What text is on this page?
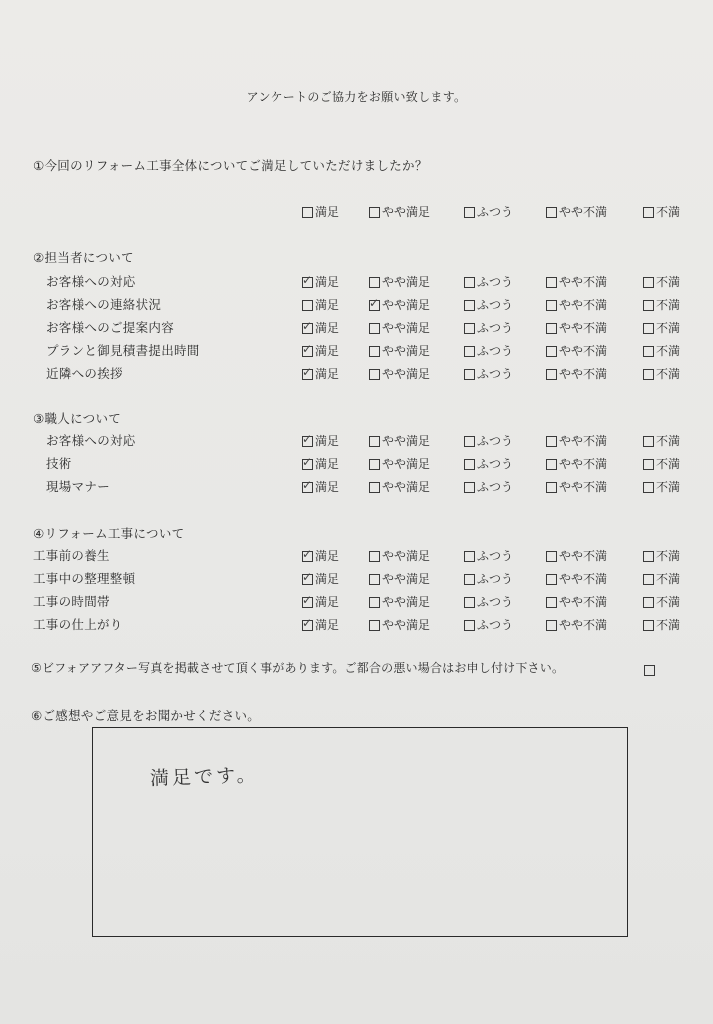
アンケートのご協力をお願い致します。
①今回のリフォーム工事全体についてご満足していただけましたか？
満足	やや満足	ふつう	やや不満	不満
②担当者について
お客様への対応	✓ 満足	やや満足	ふつう	やや不満	不満
お客様への連絡状況	満足 ✓ やや満足	ふつう	やや不満	不満
お客様へのご提案内容	✓ 満足	やや満足	ふつう	やや不満	不満
プランと御見積書提出時間	✓ 満足	やや満足	ふつう	やや不満	不満
近隣への挨拶	✓ 満足	やや満足	ふつう	やや不満	不満
③職人について
お客様への対応	✓ 満足	やや満足	ふつう	やや不満	不満
技術	✓ 満足	やや満足	ふつう	やや不満	不満
現場マナー	✓ 満足	やや満足	ふつう	やや不満	不満
④リフォーム工事について
工事前の養生	✓ 満足	やや満足	ふつう	やや不満	不満
工事中の整理整頓	✓ 満足	やや満足	ふつう	やや不満	不満
工事の時間帯	✓ 満足	やや満足	ふつう	やや不満	不満
工事の仕上がり	✓ 満足	やや満足	ふつう	やや不満	不満
⑤ビフォアアフター写真を掲載させて頂く事があります。ご都合の悪い場合はお申し付け下さい。
⑥ご感想やご意見をお聞かせください。
満足です。
